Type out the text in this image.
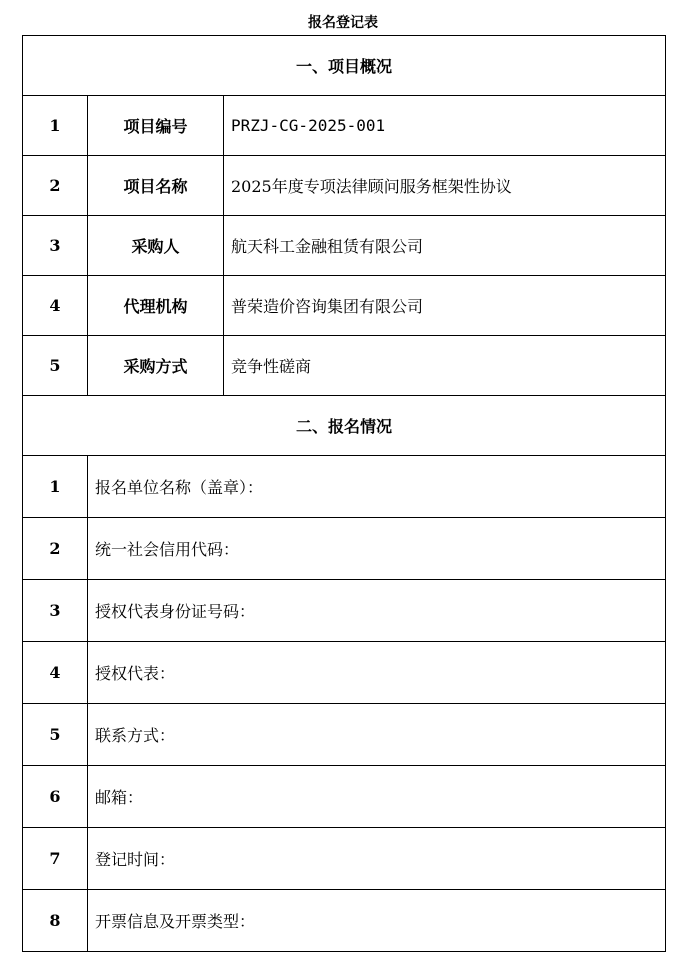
报名登记表
一、项目概况		
1	项目编号	PRZJ-CG-2025-001
2	项目名称	2025年度专项法律顾问服务框架性协议
3	采购人	航天科工金融租赁有限公司
4	代理机构	普荣造价咨询集团有限公司
5	采购方式	竞争性磋商
二、报名情况		
1	报名单位名称（盖章）：	
2	统一社会信用代码：	
3	授权代表身份证号码：	
4	授权代表：	
5	联系方式：	
6	邮箱：	
7	登记时间：	
8	开票信息及开票类型：	
